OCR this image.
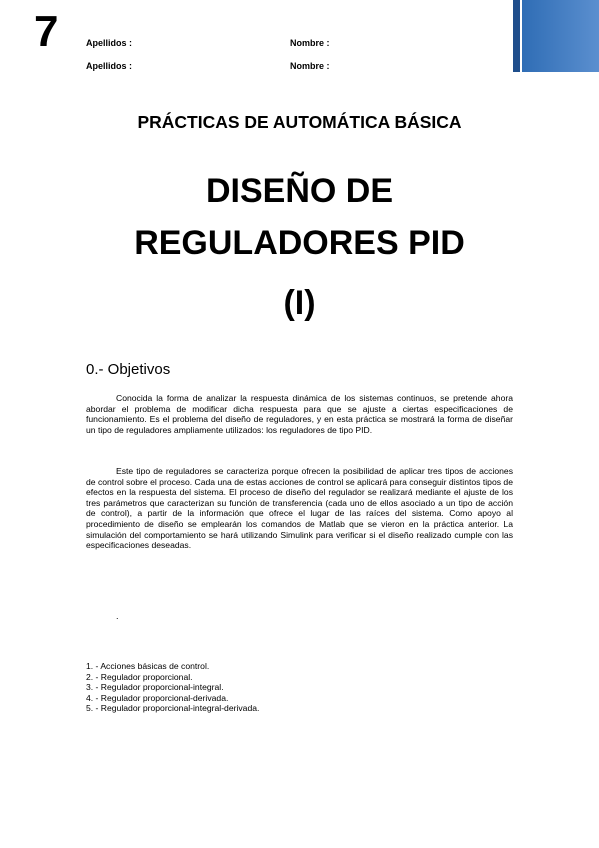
7	Apellidos :	Nombre :
Apellidos :	Nombre :
PRÁCTICAS DE AUTOMÁTICA BÁSICA
DISEÑO DE
REGULADORES PID
(I)
0.- Objetivos

Conocida la forma de analizar la respuesta dinámica de los sistemas continuos, se pretende ahora abordar el problema de modificar dicha respuesta para que se ajuste a ciertas especificaciones de funcionamiento. Es el problema del diseño de reguladores, y en esta práctica se mostrará la forma de diseñar un tipo de reguladores ampliamente utilizados: los reguladores de tipo PID.

Este tipo de reguladores se caracteriza porque ofrecen la posibilidad de aplicar tres tipos de acciones de control sobre el proceso. Cada una de estas acciones de control se aplicará para conseguir distintos tipos de efectos en la respuesta del sistema. El proceso de diseño del regulador se realizará mediante el ajuste de los tres parámetros que caracterizan su función de transferencia (cada uno de ellos asociado a un tipo de acción de control), a partir de la información que ofrece el lugar de las raíces del sistema. Como apoyo al procedimiento de diseño se emplearán los comandos de Matlab que se vieron en la práctica anterior. La simulación del comportamiento se hará utilizando Simulink para verificar si el diseño realizado cumple con las especificaciones deseadas.

.
1. - Acciones básicas de control.
2. - Regulador proporcional.
3. - Regulador proporcional-integral.
4. - Regulador proporcional-derivada.
5. - Regulador proporcional-integral-derivada.
